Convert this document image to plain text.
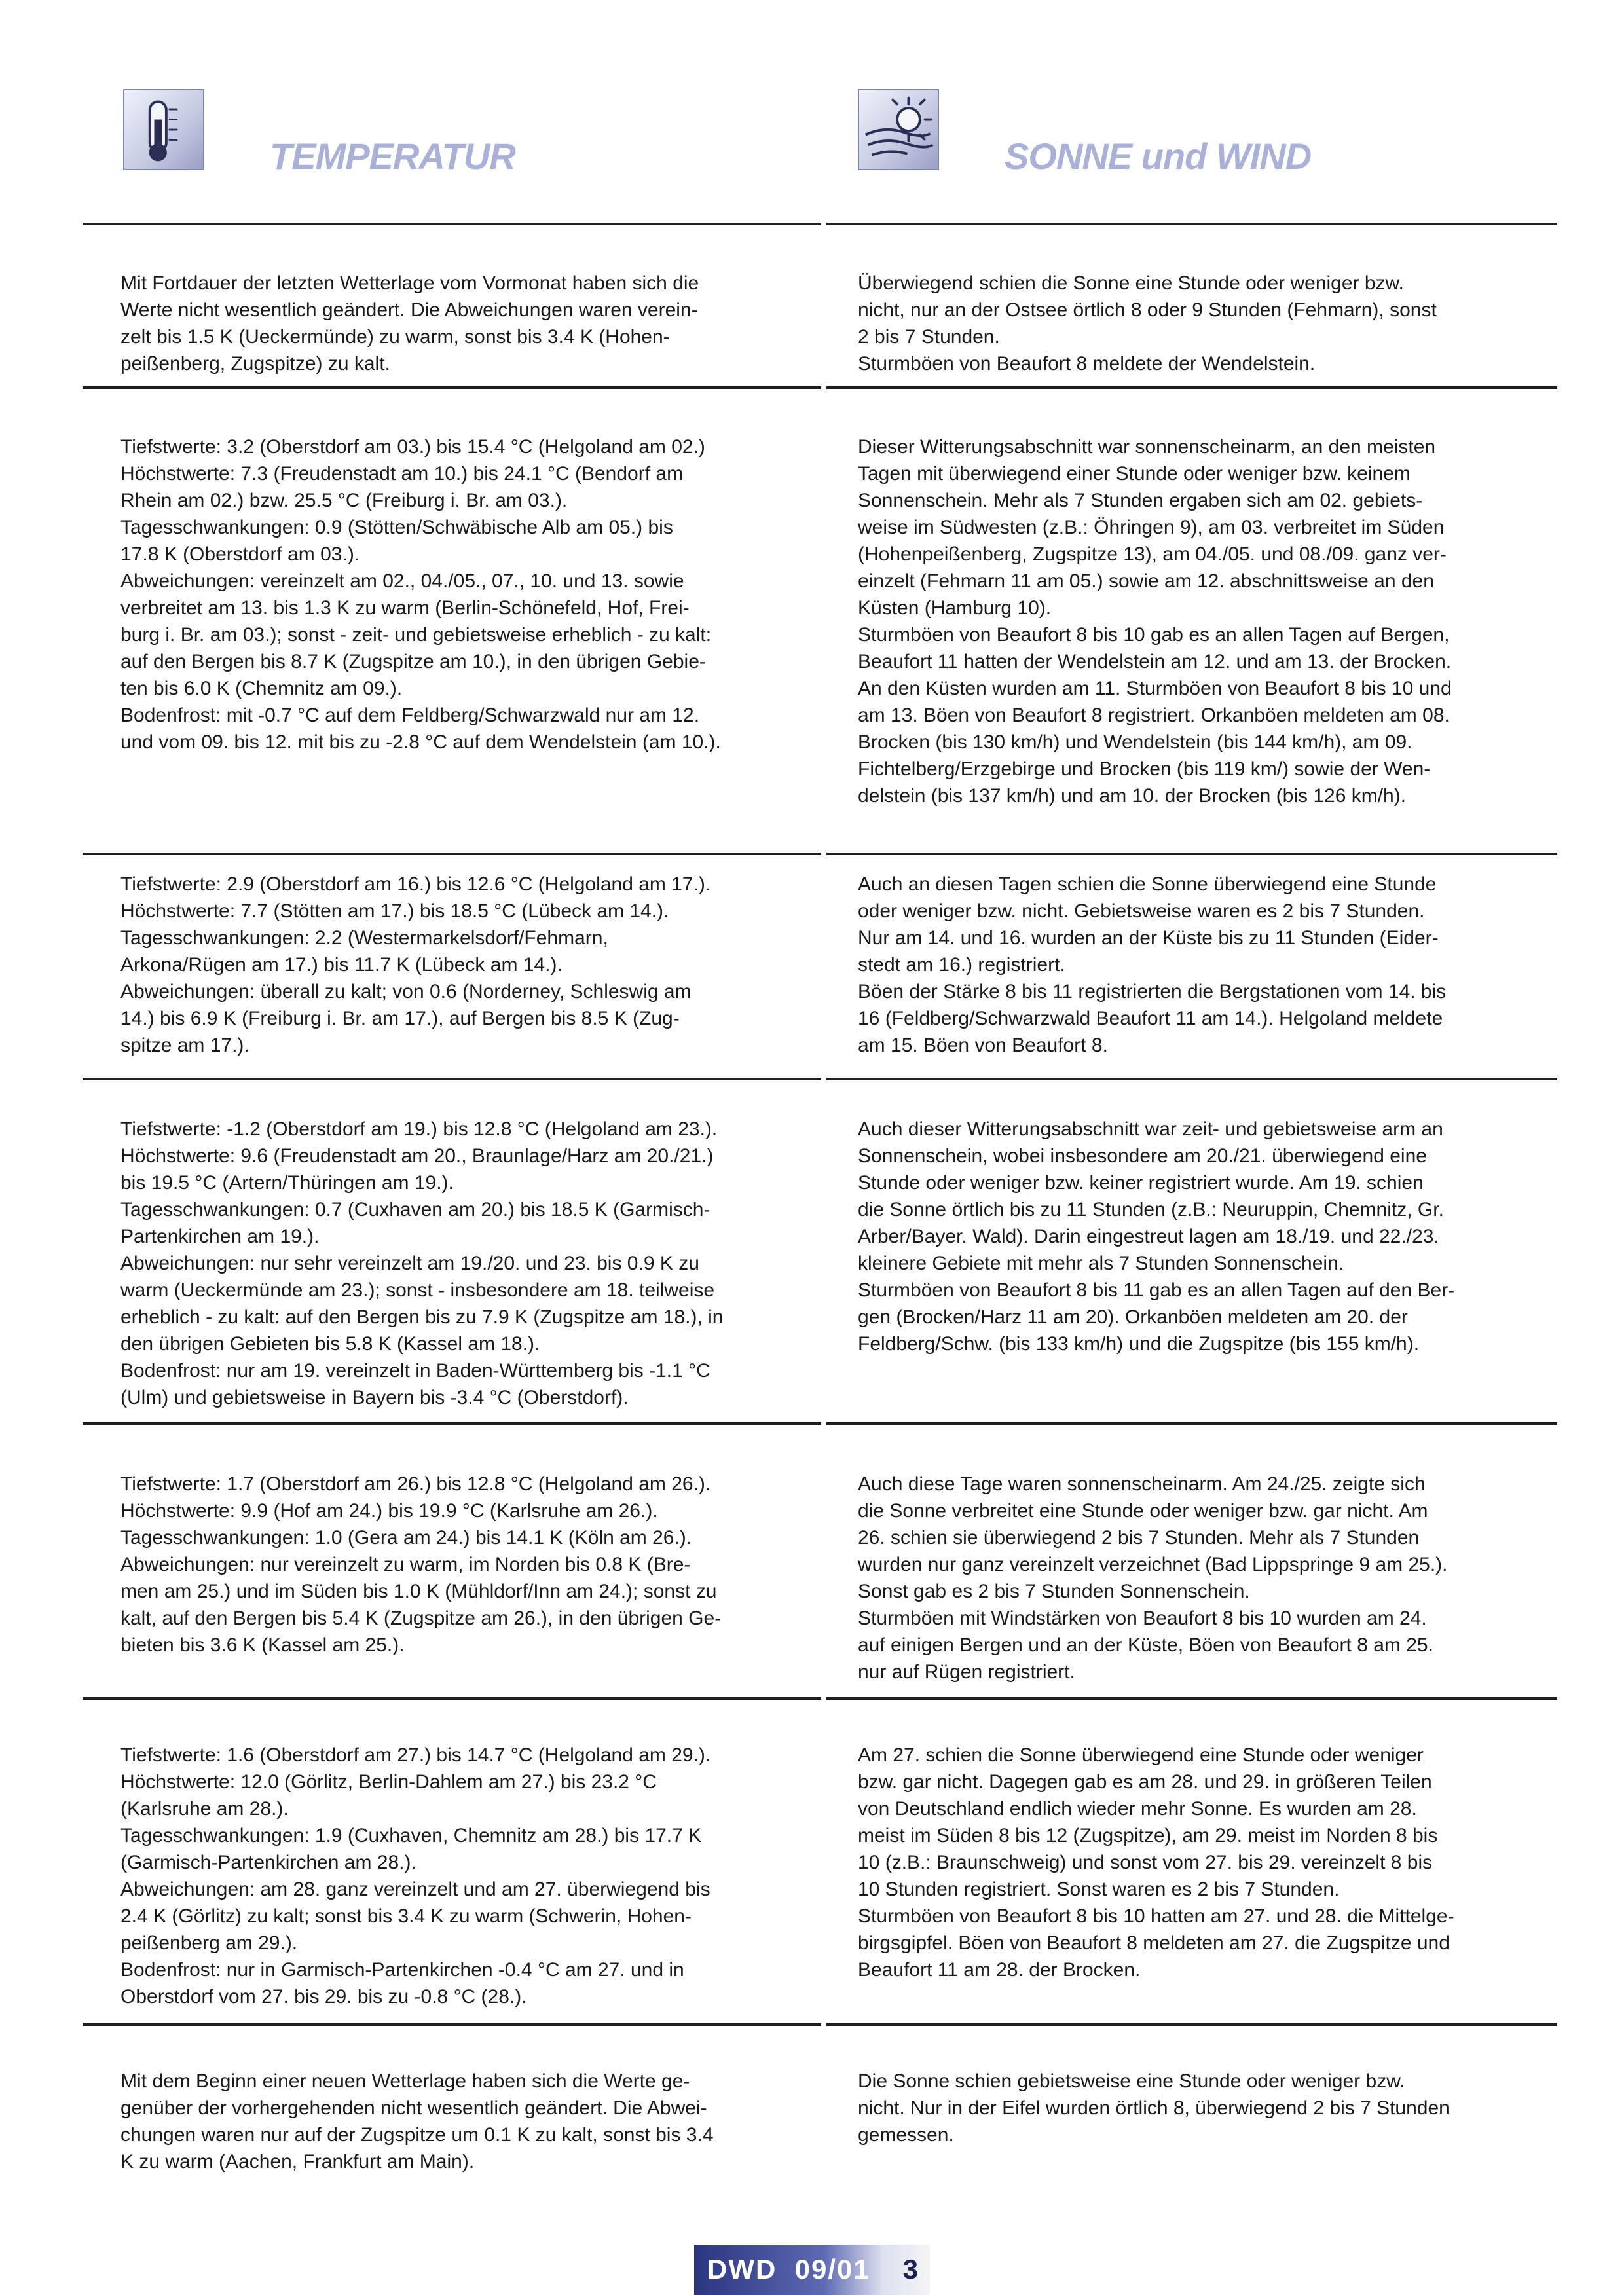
TEMPERATUR	SONNE und WIND

Mit Fortdauer der letzten Wetterlage vom Vormonat haben sich die
Werte nicht wesentlich geändert. Die Abweichungen waren verein-
zelt bis 1.5 K (Ueckermünde) zu warm, sonst bis 3.4 K (Hohen-
peißenberg, Zugspitze) zu kalt.

Überwiegend schien die Sonne eine Stunde oder weniger bzw.
nicht, nur an der Ostsee örtlich 8 oder 9 Stunden (Fehmarn), sonst
2 bis 7 Stunden.
Sturmböen von Beaufort 8 meldete der Wendelstein.

Tiefstwerte: 3.2 (Oberstdorf am 03.) bis 15.4 °C (Helgoland am 02.)
Höchstwerte: 7.3 (Freudenstadt am 10.) bis 24.1 °C (Bendorf am
Rhein am 02.) bzw. 25.5 °C (Freiburg i. Br. am 03.).
Tagesschwankungen: 0.9 (Stötten/Schwäbische Alb am 05.) bis
17.8 K (Oberstdorf am 03.).
Abweichungen: vereinzelt am 02., 04./05., 07., 10. und 13. sowie
verbreitet am 13. bis 1.3 K zu warm (Berlin-Schönefeld, Hof, Frei-
burg i. Br. am 03.); sonst - zeit- und gebietsweise erheblich - zu kalt:
auf den Bergen bis 8.7 K (Zugspitze am 10.), in den übrigen Gebie-
ten bis 6.0 K (Chemnitz am 09.).
Bodenfrost: mit -0.7 °C auf dem Feldberg/Schwarzwald nur am 12.
und vom 09. bis 12. mit bis zu -2.8 °C auf dem Wendelstein (am 10.).

Dieser Witterungsabschnitt war sonnenscheinarm, an den meisten
Tagen mit überwiegend einer Stunde oder weniger bzw. keinem
Sonnenschein. Mehr als 7 Stunden ergaben sich am 02. gebiets-
weise im Südwesten (z.B.: Öhringen 9), am 03. verbreitet im Süden
(Hohenpeißenberg, Zugspitze 13), am 04./05. und 08./09. ganz ver-
einzelt (Fehmarn 11 am 05.) sowie am 12. abschnittsweise an den
Küsten (Hamburg 10).
Sturmböen von Beaufort 8 bis 10 gab es an allen Tagen auf Bergen,
Beaufort 11 hatten der Wendelstein am 12. und am 13. der Brocken.
An den Küsten wurden am 11. Sturmböen von Beaufort 8 bis 10 und
am 13. Böen von Beaufort 8 registriert. Orkanböen meldeten am 08.
Brocken (bis 130 km/h) und Wendelstein (bis 144 km/h), am 09.
Fichtelberg/Erzgebirge und Brocken (bis 119 km/) sowie der Wen-
delstein (bis 137 km/h) und am 10. der Brocken (bis 126 km/h).

Tiefstwerte: 2.9 (Oberstdorf am 16.) bis 12.6 °C (Helgoland am 17.).
Höchstwerte: 7.7 (Stötten am 17.) bis 18.5 °C (Lübeck am 14.).
Tagesschwankungen: 2.2 (Westermarkelsdorf/Fehmarn,
Arkona/Rügen am 17.) bis 11.7 K (Lübeck am 14.).
Abweichungen: überall zu kalt; von 0.6 (Norderney, Schleswig am
14.) bis 6.9 K (Freiburg i. Br. am 17.), auf Bergen bis 8.5 K (Zug-
spitze am 17.).

Auch an diesen Tagen schien die Sonne überwiegend eine Stunde
oder weniger bzw. nicht. Gebietsweise waren es 2 bis 7 Stunden.
Nur am 14. und 16. wurden an der Küste bis zu 11 Stunden (Eider-
stedt am 16.) registriert.
Böen der Stärke 8 bis 11 registrierten die Bergstationen vom 14. bis
16 (Feldberg/Schwarzwald Beaufort 11 am 14.). Helgoland meldete
am 15. Böen von Beaufort 8.

Tiefstwerte: -1.2 (Oberstdorf am 19.) bis 12.8 °C (Helgoland am 23.).
Höchstwerte: 9.6 (Freudenstadt am 20., Braunlage/Harz am 20./21.)
bis 19.5 °C (Artern/Thüringen am 19.).
Tagesschwankungen: 0.7 (Cuxhaven am 20.) bis 18.5 K (Garmisch-
Partenkirchen am 19.).
Abweichungen: nur sehr vereinzelt am 19./20. und 23. bis 0.9 K zu
warm (Ueckermünde am 23.); sonst - insbesondere am 18. teilweise
erheblich - zu kalt: auf den Bergen bis zu 7.9 K (Zugspitze am 18.), in
den übrigen Gebieten bis 5.8 K (Kassel am 18.).
Bodenfrost: nur am 19. vereinzelt in Baden-Württemberg bis -1.1 °C
(Ulm) und gebietsweise in Bayern bis -3.4 °C (Oberstdorf).

Auch dieser Witterungsabschnitt war zeit- und gebietsweise arm an
Sonnenschein, wobei insbesondere am 20./21. überwiegend eine
Stunde oder weniger bzw. keiner registriert wurde. Am 19. schien
die Sonne örtlich bis zu 11 Stunden (z.B.: Neuruppin, Chemnitz, Gr.
Arber/Bayer. Wald). Darin eingestreut lagen am 18./19. und 22./23.
kleinere Gebiete mit mehr als 7 Stunden Sonnenschein.
Sturmböen von Beaufort 8 bis 11 gab es an allen Tagen auf den Ber-
gen (Brocken/Harz 11 am 20). Orkanböen meldeten am 20. der
Feldberg/Schw. (bis 133 km/h) und die Zugspitze (bis 155 km/h).

Tiefstwerte: 1.7 (Oberstdorf am 26.) bis 12.8 °C (Helgoland am 26.).
Höchstwerte: 9.9 (Hof am 24.) bis 19.9 °C (Karlsruhe am 26.).
Tagesschwankungen: 1.0 (Gera am 24.) bis 14.1 K (Köln am 26.).
Abweichungen: nur vereinzelt zu warm, im Norden bis 0.8 K (Bre-
men am 25.) und im Süden bis 1.0 K (Mühldorf/Inn am 24.); sonst zu
kalt, auf den Bergen bis 5.4 K (Zugspitze am 26.), in den übrigen Ge-
bieten bis 3.6 K (Kassel am 25.).

Auch diese Tage waren sonnenscheinarm. Am 24./25. zeigte sich
die Sonne verbreitet eine Stunde oder weniger bzw. gar nicht. Am
26. schien sie überwiegend 2 bis 7 Stunden. Mehr als 7 Stunden
wurden nur ganz vereinzelt verzeichnet (Bad Lippspringe 9 am 25.).
Sonst gab es 2 bis 7 Stunden Sonnenschein.
Sturmböen mit Windstärken von Beaufort 8 bis 10 wurden am 24.
auf einigen Bergen und an der Küste, Böen von Beaufort 8 am 25.
nur auf Rügen registriert.

Tiefstwerte: 1.6 (Oberstdorf am 27.) bis 14.7 °C (Helgoland am 29.).
Höchstwerte: 12.0 (Görlitz, Berlin-Dahlem am 27.) bis 23.2 °C
(Karlsruhe am 28.).
Tagesschwankungen: 1.9 (Cuxhaven, Chemnitz am 28.) bis 17.7 K
(Garmisch-Partenkirchen am 28.).
Abweichungen: am 28. ganz vereinzelt und am 27. überwiegend bis
2.4 K (Görlitz) zu kalt; sonst bis 3.4 K zu warm (Schwerin, Hohen-
peißenberg am 29.).
Bodenfrost: nur in Garmisch-Partenkirchen -0.4 °C am 27. und in
Oberstdorf vom 27. bis 29. bis zu -0.8 °C (28.).

Am 27. schien die Sonne überwiegend eine Stunde oder weniger
bzw. gar nicht. Dagegen gab es am 28. und 29. in größeren Teilen
von Deutschland endlich wieder mehr Sonne. Es wurden am 28.
meist im Süden 8 bis 12 (Zugspitze), am 29. meist im Norden 8 bis
10 (z.B.: Braunschweig) und sonst vom 27. bis 29. vereinzelt 8 bis
10 Stunden registriert. Sonst waren es 2 bis 7 Stunden.
Sturmböen von Beaufort 8 bis 10 hatten am 27. und 28. die Mittelge-
birgsgipfel. Böen von Beaufort 8 meldeten am 27. die Zugspitze und
Beaufort 11 am 28. der Brocken.

Mit dem Beginn einer neuen Wetterlage haben sich die Werte ge-
genüber der vorhergehenden nicht wesentlich geändert. Die Abwei-
chungen waren nur auf der Zugspitze um 0.1 K zu kalt, sonst bis 3.4
K zu warm (Aachen, Frankfurt am Main).

Die Sonne schien gebietsweise eine Stunde oder weniger bzw.
nicht. Nur in der Eifel wurden örtlich 8, überwiegend 2 bis 7 Stunden
gemessen.

DWD 09/01 3
